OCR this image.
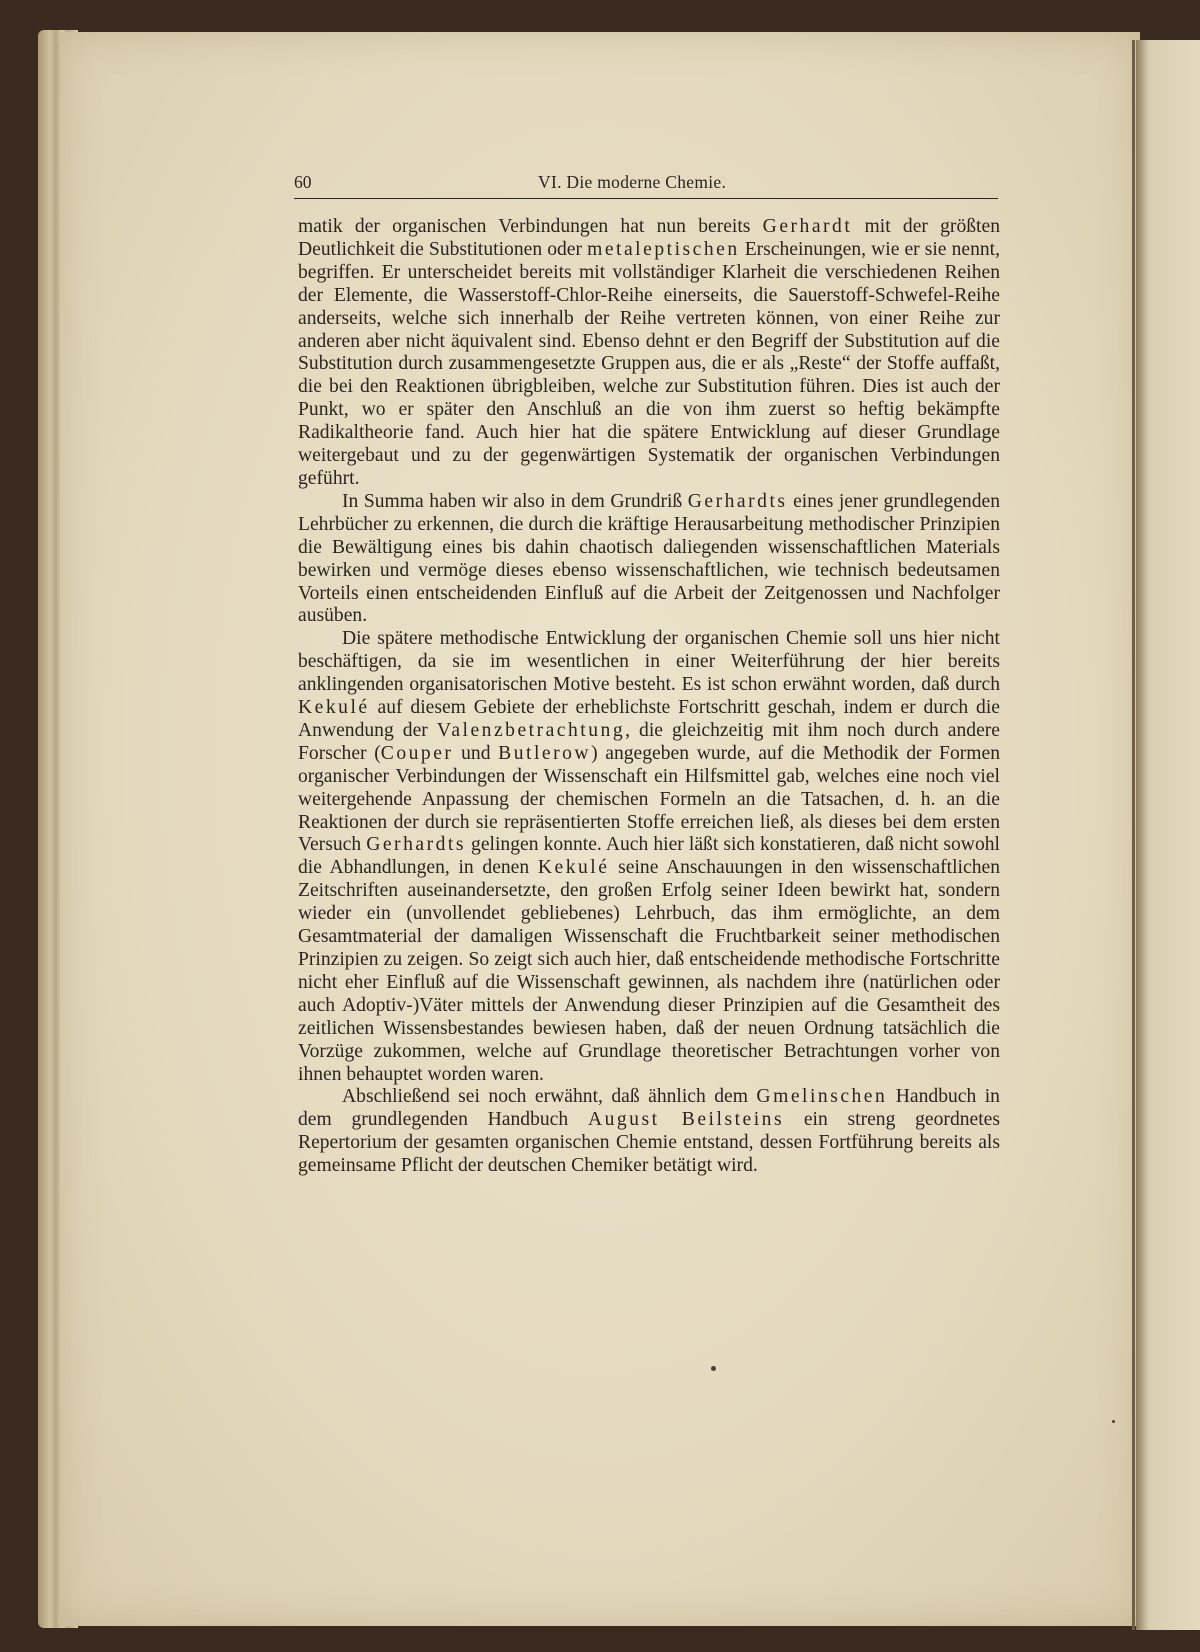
60	VI. Die moderne Chemie.

matik der organischen Verbindungen hat nun bereits Gerhardt mit der größten Deutlichkeit die Substitutionen oder metaleptischen Erscheinungen, wie er sie nennt, begriffen. Er unterscheidet bereits mit vollständiger Klarheit die verschiedenen Reihen der Elemente, die Wasserstoff-Chlor-Reihe einerseits, die Sauerstoff-Schwefel-Reihe anderseits, welche sich innerhalb der Reihe vertreten können, von einer Reihe zur anderen aber nicht äquivalent sind. Ebenso dehnt er den Begriff der Substitution auf die Substitution durch zusammengesetzte Gruppen aus, die er als „Reste“ der Stoffe auffaßt, die bei den Reaktionen übrigbleiben, welche zur Substitution führen. Dies ist auch der Punkt, wo er später den Anschluß an die von ihm zuerst so heftig bekämpfte Radikaltheorie fand. Auch hier hat die spätere Entwicklung auf dieser Grundlage weitergebaut und zu der gegenwärtigen Systematik der organischen Verbindungen geführt.

In Summa haben wir also in dem Grundriß Gerhardts eines jener grundlegenden Lehrbücher zu erkennen, die durch die kräftige Herausarbeitung methodischer Prinzipien die Bewältigung eines bis dahin chaotisch daliegenden wissenschaftlichen Materials bewirken und vermöge dieses ebenso wissenschaftlichen, wie technisch bedeutsamen Vorteils einen entscheidenden Einfluß auf die Arbeit der Zeitgenossen und Nachfolger ausüben.

Die spätere methodische Entwicklung der organischen Chemie soll uns hier nicht beschäftigen, da sie im wesentlichen in einer Weiterführung der hier bereits anklingenden organisatorischen Motive besteht. Es ist schon erwähnt worden, daß durch Kekulé auf diesem Gebiete der erheblichste Fortschritt geschah, indem er durch die Anwendung der Valenzbetrachtung, die gleichzeitig mit ihm noch durch andere Forscher (Couper und Butlerow) angegeben wurde, auf die Methodik der Formen organischer Verbindungen der Wissenschaft ein Hilfsmittel gab, welches eine noch viel weitergehende Anpassung der chemischen Formeln an die Tatsachen, d. h. an die Reaktionen der durch sie repräsentierten Stoffe erreichen ließ, als dieses bei dem ersten Versuch Gerhardts gelingen konnte. Auch hier läßt sich konstatieren, daß nicht sowohl die Abhandlungen, in denen Kekulé seine Anschauungen in den wissenschaftlichen Zeitschriften auseinandersetzte, den großen Erfolg seiner Ideen bewirkt hat, sondern wieder ein (unvollendet gebliebenes) Lehrbuch, das ihm ermöglichte, an dem Gesamtmaterial der damaligen Wissenschaft die Fruchtbarkeit seiner methodischen Prinzipien zu zeigen. So zeigt sich auch hier, daß entscheidende methodische Fortschritte nicht eher Einfluß auf die Wissenschaft gewinnen, als nachdem ihre (natürlichen oder auch Adoptiv-)Väter mittels der Anwendung dieser Prinzipien auf die Gesamtheit des zeitlichen Wissensbestandes bewiesen haben, daß der neuen Ordnung tatsächlich die Vorzüge zukommen, welche auf Grundlage theoretischer Betrachtungen vorher von ihnen behauptet worden waren.

Abschließend sei noch erwähnt, daß ähnlich dem Gmelinschen Handbuch in dem grundlegenden Handbuch August Beilsteins ein streng geordnetes Repertorium der gesamten organischen Chemie entstand, dessen Fortführung bereits als gemeinsame Pflicht der deutschen Chemiker betätigt wird.
